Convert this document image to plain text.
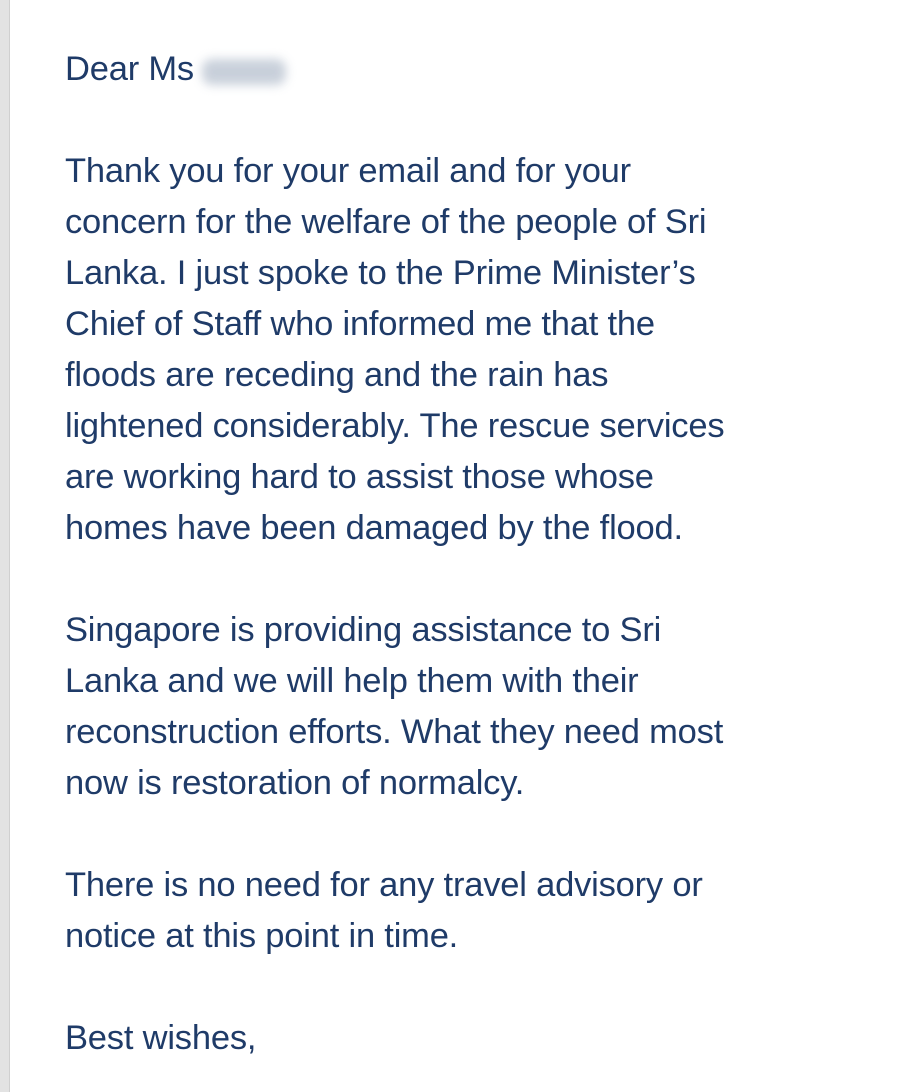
Dear Ms

Thank you for your email and for your
concern for the welfare of the people of Sri
Lanka. I just spoke to the Prime Minister’s
Chief of Staff who informed me that the
floods are receding and the rain has
lightened considerably. The rescue services
are working hard to assist those whose
homes have been damaged by the flood.

Singapore is providing assistance to Sri
Lanka and we will help them with their
reconstruction efforts. What they need most
now is restoration of normalcy.

There is no need for any travel advisory or
notice at this point in time.

Best wishes,
